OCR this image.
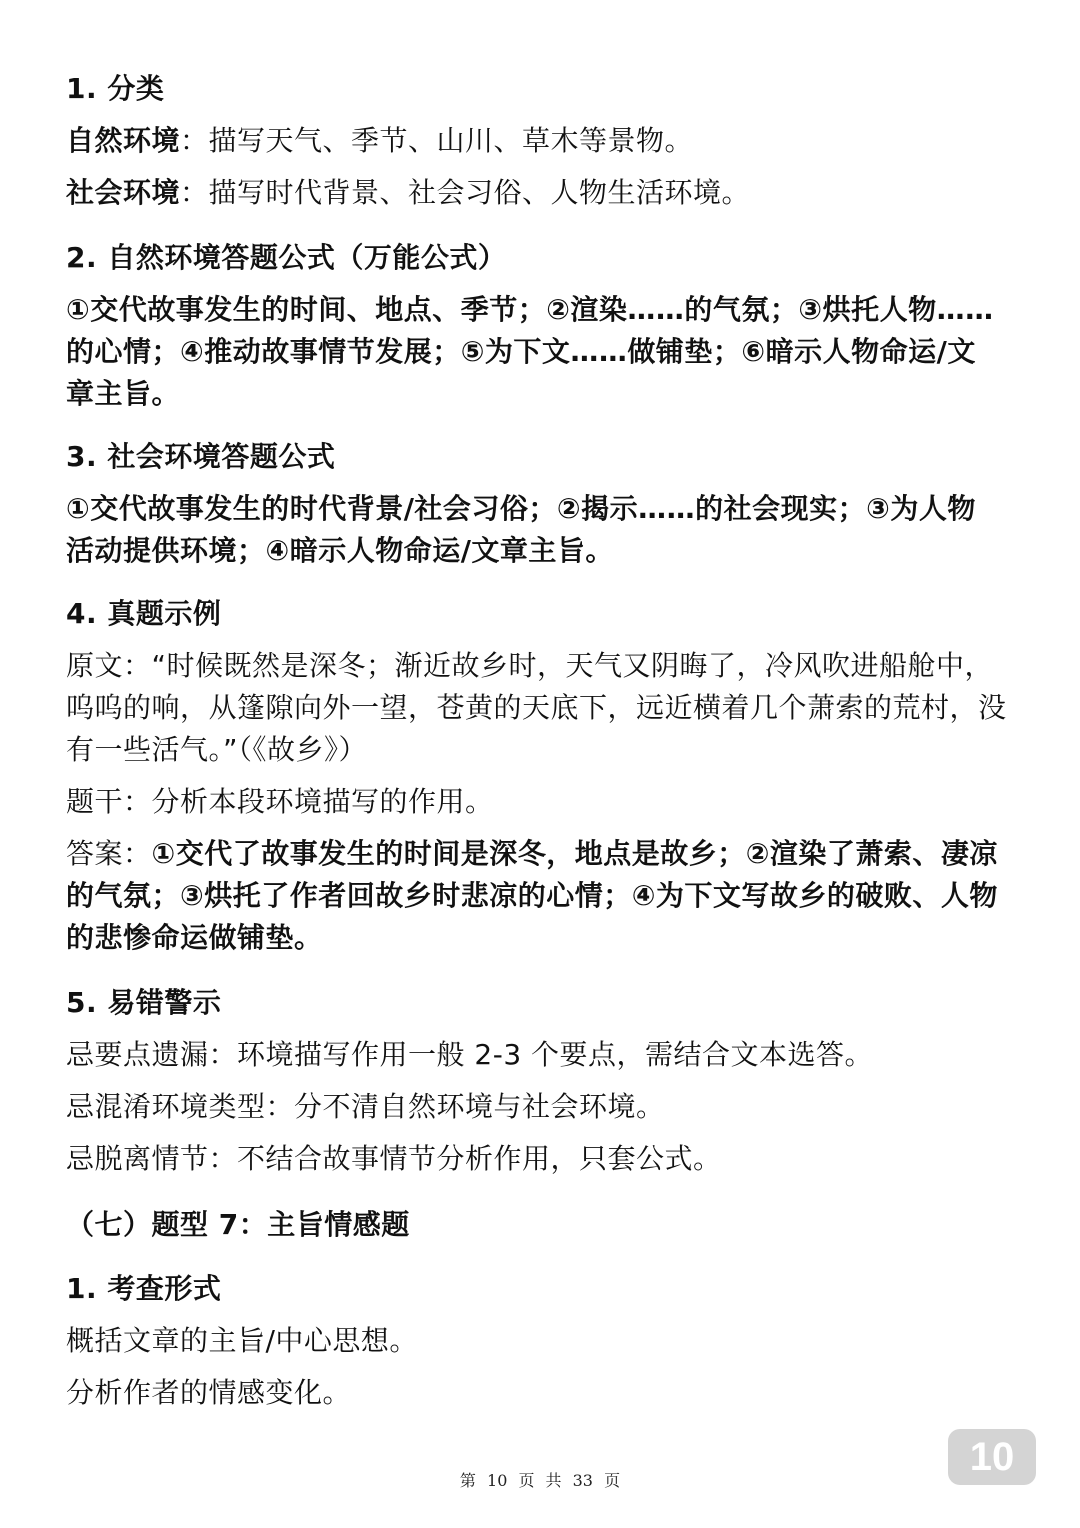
1. 分类
自然环境：描写天气、季节、山川、草木等景物。
社会环境：描写时代背景、社会习俗、人物生活环境。
2. 自然环境答题公式（万能公式）
①交代故事发生的时间、地点、季节；②渲染……的气氛；③烘托人物……
的心情；④推动故事情节发展；⑤为下文……做铺垫；⑥暗示人物命运/文
章主旨。
3. 社会环境答题公式
①交代故事发生的时代背景/社会习俗；②揭示……的社会现实；③为人物
活动提供环境；④暗示人物命运/文章主旨。
4. 真题示例
原文：“时候既然是深冬；渐近故乡时，天气又阴晦了，冷风吹进船舱中，
呜呜的响，从篷隙向外一望，苍黄的天底下，远近横着几个萧索的荒村，没
有一些活气。”（《故乡》）
题干：分析本段环境描写的作用。
答案：①交代了故事发生的时间是深冬，地点是故乡；②渲染了萧索、凄凉
的气氛；③烘托了作者回故乡时悲凉的心情；④为下文写故乡的破败、人物
的悲惨命运做铺垫。
5. 易错警示
忌要点遗漏：环境描写作用一般 2-3 个要点，需结合文本选答。
忌混淆环境类型：分不清自然环境与社会环境。
忌脱离情节：不结合故事情节分析作用，只套公式。
（七）题型 7：主旨情感题
1. 考查形式
概括文章的主旨/中心思想。
分析作者的情感变化。
10
第 10 页 共 33 页
